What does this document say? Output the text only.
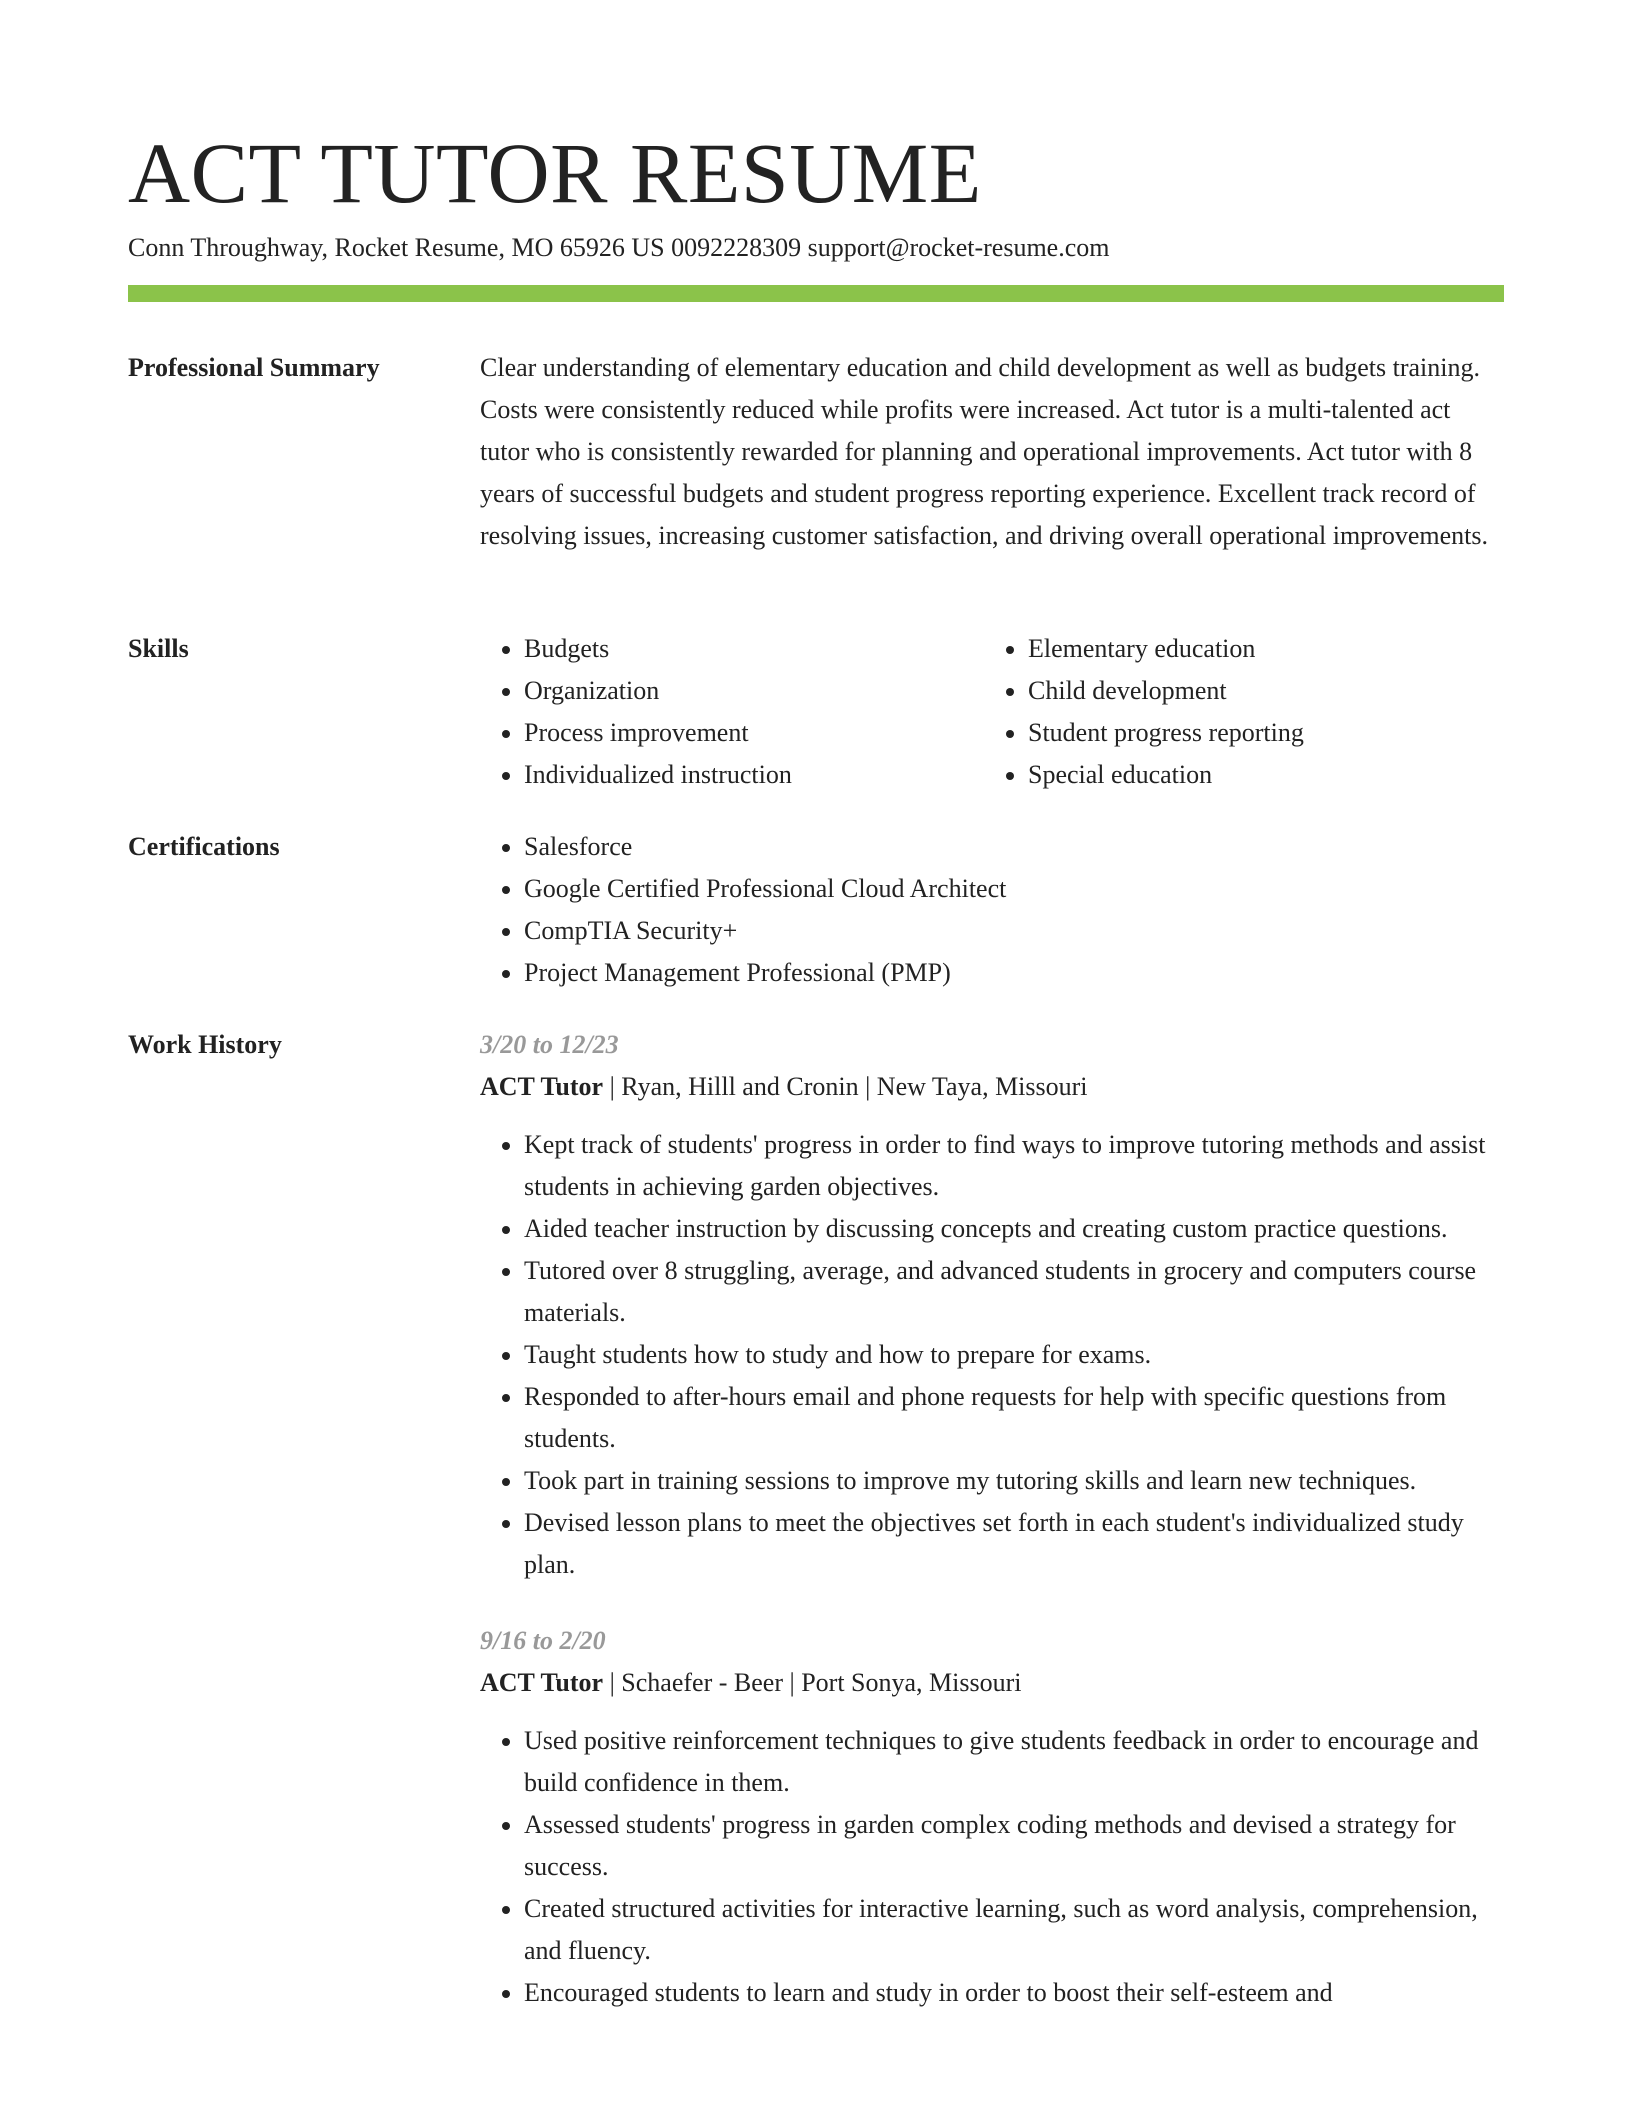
ACT TUTOR RESUME
Conn Throughway, Rocket Resume, MO 65926 US 0092228309 support@rocket-resume.com
Professional Summary	Clear understanding of elementary education and child development as well as budgets training. Costs were consistently reduced while profits were increased. Act tutor is a multi-talented act tutor who is consistently rewarded for planning and operational improvements. Act tutor with 8 years of successful budgets and student progress reporting experience. Excellent track record of resolving issues, increasing customer satisfaction, and driving overall operational improvements.

Skills	• Budgets
• Organization
• Process improvement
• Individualized instruction
• Elementary education
• Child development
• Student progress reporting
• Special education
Certifications	• Salesforce
• Google Certified Professional Cloud Architect
• CompTIA Security+
• Project Management Professional (PMP)
Work History	3/20 to 12/23
ACT Tutor | Ryan, Hilll and Cronin | New Taya, Missouri
• Kept track of students' progress in order to find ways to improve tutoring methods and assist students in achieving garden objectives.
• Aided teacher instruction by discussing concepts and creating custom practice questions.
• Tutored over 8 struggling, average, and advanced students in grocery and computers course materials.
• Taught students how to study and how to prepare for exams.
• Responded to after-hours email and phone requests for help with specific questions from students.
• Took part in training sessions to improve my tutoring skills and learn new techniques.
• Devised lesson plans to meet the objectives set forth in each student's individualized study plan.
9/16 to 2/20
ACT Tutor | Schaefer - Beer | Port Sonya, Missouri
• Used positive reinforcement techniques to give students feedback in order to encourage and build confidence in them.
• Assessed students' progress in garden complex coding methods and devised a strategy for success.
• Created structured activities for interactive learning, such as word analysis, comprehension, and fluency.
• Encouraged students to learn and study in order to boost their self-esteem and
